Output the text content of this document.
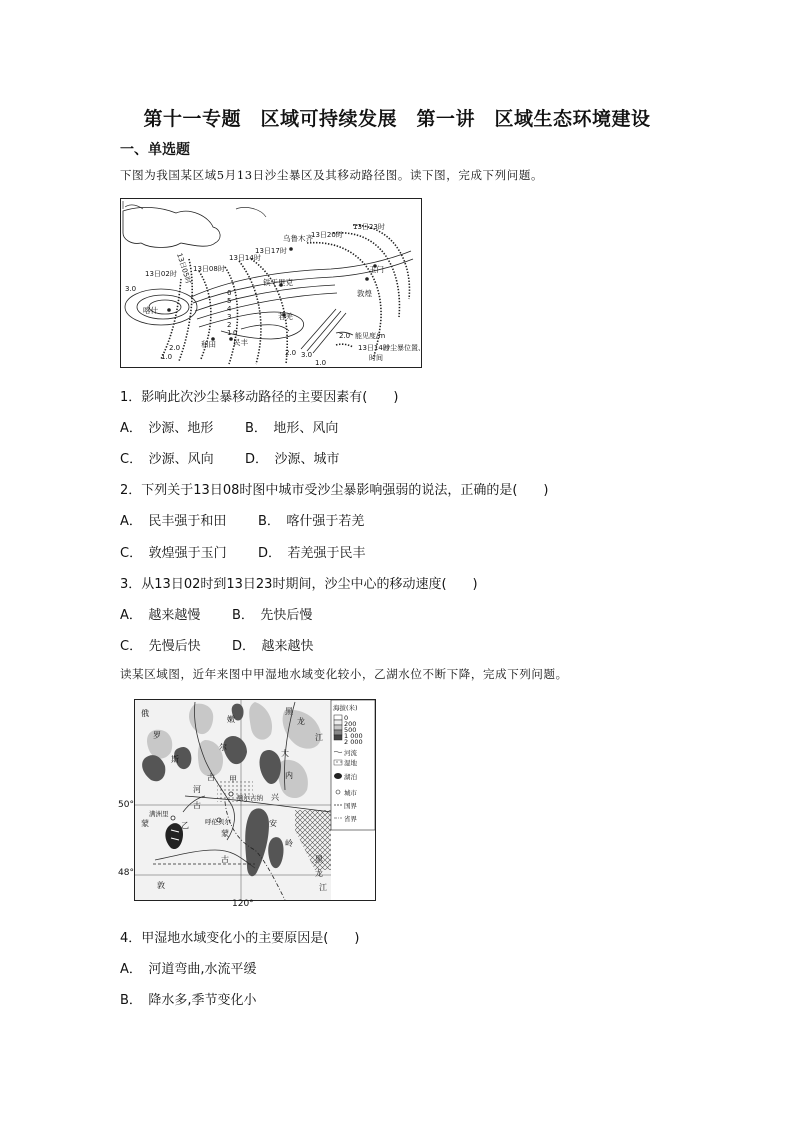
第十一专题　区域可持续发展　第一讲　区域生态环境建设
一、单选题
下图为我国某区域5月13日沙尘暴区及其移动路径图。读下图，完成下列问题。
乌鲁木齐
喀什
和田 民丰
若羌
铁干里克
敦煌
玉门
13日02时
13日05时 13日08时
13日14时
13日17时
13日20时
13日23时
3.0
1.0
2.0
3.0
1.0
2.0
6
5
4
3
2
1 0	2.0 能见度/m
13日14时
沙尘暴位置、
时间
1．影响此次沙尘暴移动路径的主要因素有(　　)
A．　沙源、地形 B．　地形、风向
C．　沙源、风向 D．　沙源、城市
2．下列关于13日08时图中城市受沙尘暴影响强弱的说法，正确的是(　　)
A．　民丰强于和田 B．　喀什强于若羌
C．　敦煌强于玉门 D．　若羌强于民丰
3．从13日02时到13日23时期间，沙尘中心的移动速度(　　)
A．　越来越慢 B．　先快后慢
C．　先慢后快 D．　越来越快
读某区域图，近年来图中甲湿地水域变化较小，乙湖水位不断下降，完成下列问题。
俄
罗
斯
嫩
黑
龙
江
尔
古	内
大
兴
安
岭
甲
乙
蒙
额尔古纳
呼伦贝尔
满洲里
古
河
蒙
黑
龙
江
古
敦
海拔(米)
0
200
500
1 000
2 000
河流
湿地
湖泊
城市
国界
省界
50°
48°
120°
4．甲湿地水域变化小的主要原因是(　　)
A．　河道弯曲,水流平缓
B．　降水多,季节变化小
